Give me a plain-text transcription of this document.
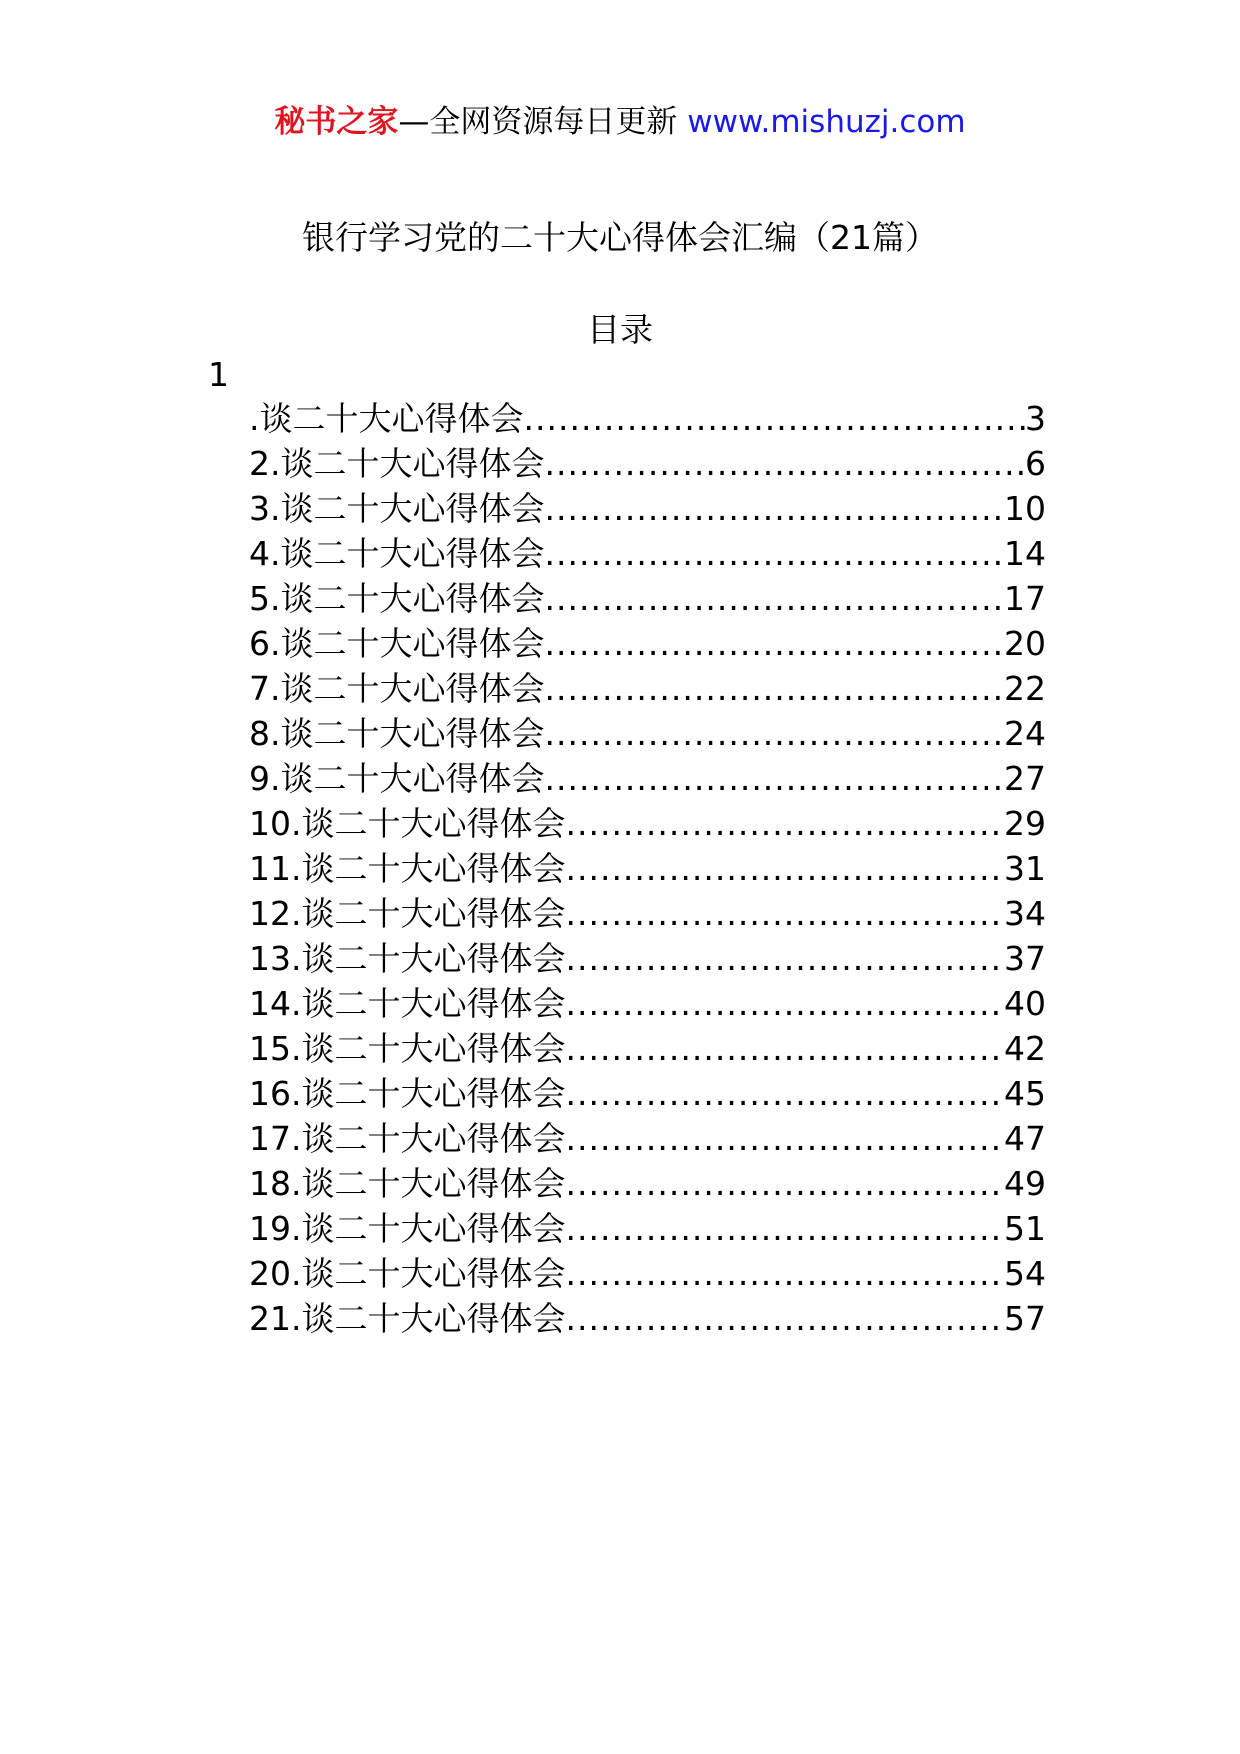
秘书之家—全网资源每日更新 www.mishuzj.com
银行学习党的二十大心得体会汇编（21篇）
目录
1
.谈二十大心得体会 .....	3
2.谈二十大心得体会 .....	6
3.谈二十大心得体会 .....	10
4.谈二十大心得体会 .....	14
5.谈二十大心得体会 .....	17
6.谈二十大心得体会 .....	20
7.谈二十大心得体会 .....	22
8.谈二十大心得体会 .....	24
9.谈二十大心得体会 .....	27
10.谈二十大心得体会 .....	29
11.谈二十大心得体会 .....	31
12.谈二十大心得体会 .....	34
13.谈二十大心得体会 .....	37
14.谈二十大心得体会 .....	40
15.谈二十大心得体会 .....	42
16.谈二十大心得体会 .....	45
17.谈二十大心得体会 .....	47
18.谈二十大心得体会 .....	49
19.谈二十大心得体会 .....	51
20.谈二十大心得体会 .....	54
21.谈二十大心得体会 .....	57
